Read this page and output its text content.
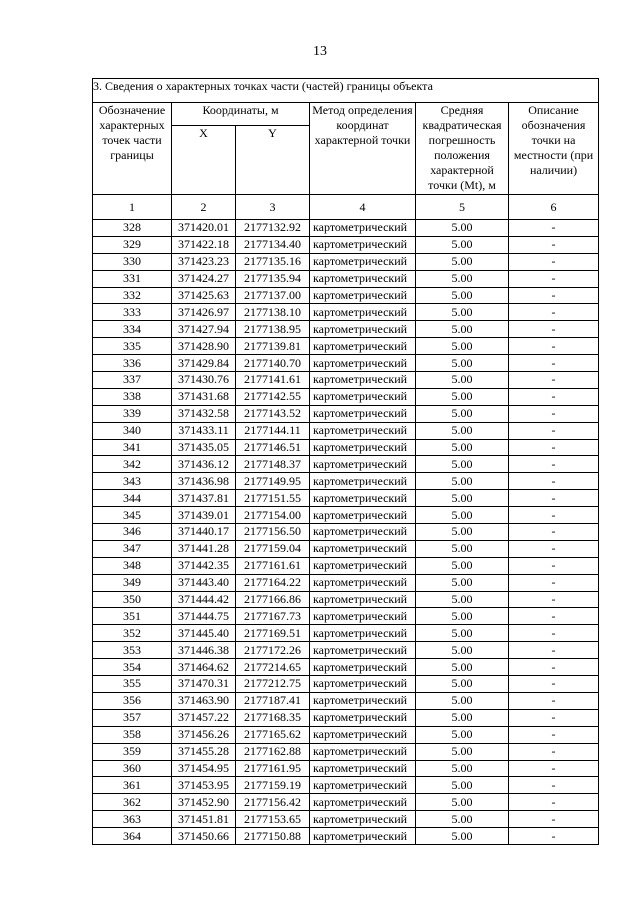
13
3. Сведения о характерных точках части (частей) границы объекта					
Обозначение характерных точек части границы	Координаты, м		Метод определения координат характерной точки	Средняя квадратическая погрешность положения характерной точки (Mt), м	Описание обозначения точки на местности (при наличии)
	X	Y			
1	2	3	4	5	6
328	371420.01	2177132.92	картометрический	5.00	-
329	371422.18	2177134.40	картометрический	5.00	-
330	371423.23	2177135.16	картометрический	5.00	-
331	371424.27	2177135.94	картометрический	5.00	-
332	371425.63	2177137.00	картометрический	5.00	-
333	371426.97	2177138.10	картометрический	5.00	-
334	371427.94	2177138.95	картометрический	5.00	-
335	371428.90	2177139.81	картометрический	5.00	-
336	371429.84	2177140.70	картометрический	5.00	-
337	371430.76	2177141.61	картометрический	5.00	-
338	371431.68	2177142.55	картометрический	5.00	-
339	371432.58	2177143.52	картометрический	5.00	-
340	371433.11	2177144.11	картометрический	5.00	-
341	371435.05	2177146.51	картометрический	5.00	-
342	371436.12	2177148.37	картометрический	5.00	-
343	371436.98	2177149.95	картометрический	5.00	-
344	371437.81	2177151.55	картометрический	5.00	-
345	371439.01	2177154.00	картометрический	5.00	-
346	371440.17	2177156.50	картометрический	5.00	-
347	371441.28	2177159.04	картометрический	5.00	-
348	371442.35	2177161.61	картометрический	5.00	-
349	371443.40	2177164.22	картометрический	5.00	-
350	371444.42	2177166.86	картометрический	5.00	-
351	371444.75	2177167.73	картометрический	5.00	-
352	371445.40	2177169.51	картометрический	5.00	-
353	371446.38	2177172.26	картометрический	5.00	-
354	371464.62	2177214.65	картометрический	5.00	-
355	371470.31	2177212.75	картометрический	5.00	-
356	371463.90	2177187.41	картометрический	5.00	-
357	371457.22	2177168.35	картометрический	5.00	-
358	371456.26	2177165.62	картометрический	5.00	-
359	371455.28	2177162.88	картометрический	5.00	-
360	371454.95	2177161.95	картометрический	5.00	-
361	371453.95	2177159.19	картометрический	5.00	-
362	371452.90	2177156.42	картометрический	5.00	-
363	371451.81	2177153.65	картометрический	5.00	-
364	371450.66	2177150.88	картометрический	5.00	-
